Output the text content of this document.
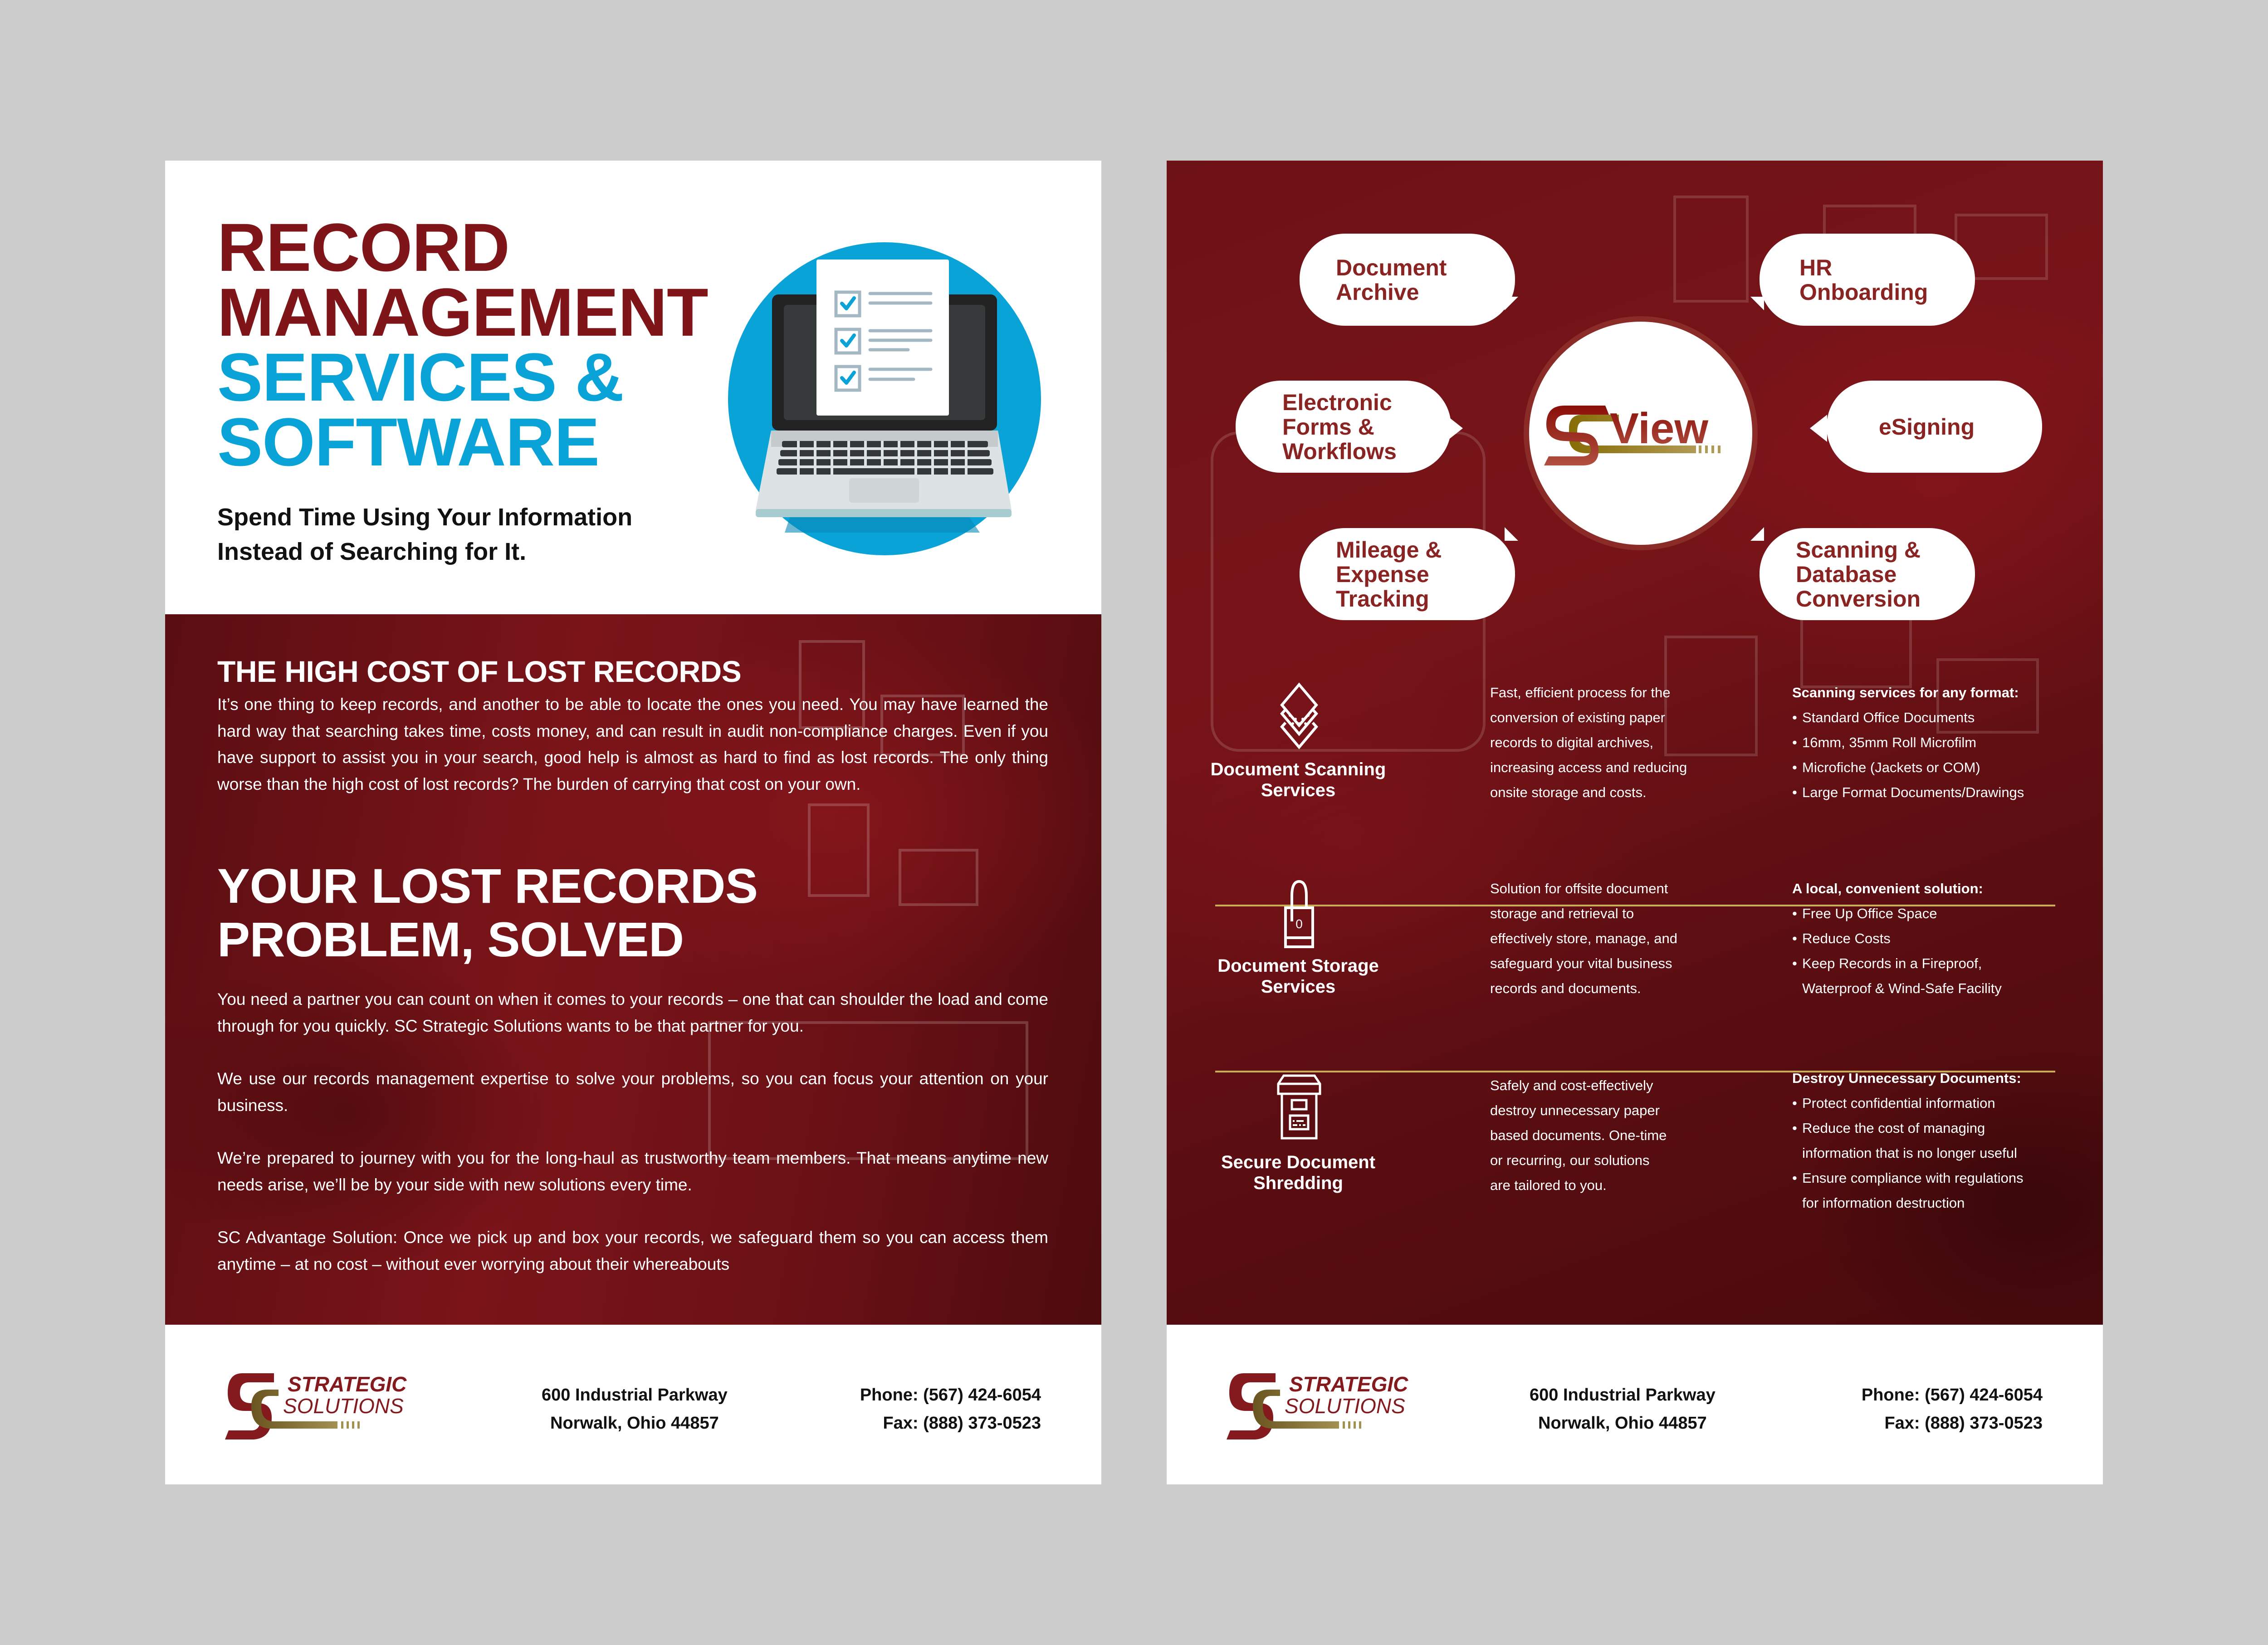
RECORD
MANAGEMENT
SERVICES &
SOFTWARE
Spend Time Using Your Information
Instead of Searching for It.
THE HIGH COST OF LOST RECORDS

It’s one thing to keep records, and another to be able to locate the ones you need. You may have learned the hard way that searching takes time, costs money, and can result in audit non-compliance charges. Even if you have support to assist you in your search, good help is almost as hard to find as lost records. The only thing worse than the high cost of lost records? The burden of carrying that cost on your own.

YOUR LOST RECORDS
PROBLEM, SOLVED

You need a partner you can count on when it comes to your records – one that can shoulder the load and come through for you quickly. SC Strategic Solutions wants to be that partner for you.

We use our records management expertise to solve your problems, so you can focus your attention on your business.

We’re prepared to journey with you for the long-haul as trustworthy team members. That means anytime new needs arise, we’ll be by your side with new solutions every time.

SC Advantage Solution: Once we pick up and box your records, we safeguard them so you can access them anytime – at no cost – without ever worrying about their whereabouts

STRATEGIC
SOLUTIONS	600 Industrial Parkway
Norwalk, Ohio 44857
Phone: (567) 424-6054
Fax: (888) 373-0523
Document
Archive
HR
Onboarding
Electronic
Forms &
Workflows
eSigning
Mileage &
Expense
Tracking
Scanning &
Database
Conversion
View
Document Scanning
Services
Fast, efficient process for the
conversion of existing paper
records to digital archives,
increasing access and reducing
onsite storage and costs.
Scanning services for any format:
• Standard Office Documents
• 16mm, 35mm Roll Microfilm
• Microfiche (Jackets or COM)
• Large Format Documents/Drawings
0
Document Storage
Services
Solution for offsite document
storage and retrieval to
effectively store, manage, and
safeguard your vital business
records and documents.
A local, convenient solution:
• Free Up Office Space
• Reduce Costs
• Keep Records in a Fireproof,
Waterproof & Wind-Safe Facility
Secure Document
Shredding
Safely and cost-effectively
destroy unnecessary paper
based documents. One-time
or recurring, our solutions
are tailored to you.
Destroy Unnecessary Documents:
• Protect confidential information
• Reduce the cost of managing
information that is no longer useful
• Ensure compliance with regulations
for information destruction
STRATEGIC
SOLUTIONS	600 Industrial Parkway
Norwalk, Ohio 44857
Phone: (567) 424-6054
Fax: (888) 373-0523
